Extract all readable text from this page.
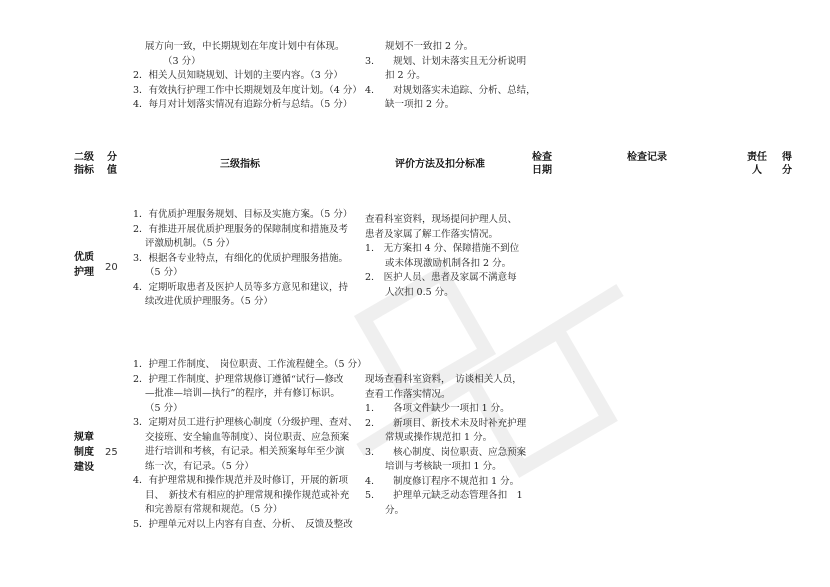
展方向一致，中长期规划在年度计划中有体现。
（3 分）
2．相关人员知晓规划、计划的主要内容。（3 分）
3．有效执行护理工作中长期规划及年度计划。（4 分）
4．每月对计划落实情况有追踪分析与总结。（5 分）
规划不一致扣 2 分。
3.　　规划、计划未落实且无分析说明
扣 2 分。
4.　　对规划落实未追踪、分析、总结，
缺一项扣 2 分。
二级
指标
分
值
三级指标	评价方法及扣分标准
检查
日期
检查记录	责任
人
得
分
优质
护理 20
1．有优质护理服务规划、目标及实施方案。（5 分）
2．有推进开展优质护理服务的保障制度和措施及考
评激励机制。（5 分）
3．根据各专业特点，有细化的优质护理服务措施。
（5 分）
4．定期听取患者及医护人员等多方意见和建议，持
续改进优质护理服务。（5 分）
查看科室资料，现场提问护理人员、
患者及家属了解工作落实情况。
1.　无方案扣 4 分、保障措施不到位
或未体现激励机制各扣 2 分。
2.　医护人员、患者及家属不满意每
人次扣 0.5 分。
规章
制度
建设
25
1．护理工作制度、　岗位职责、工作流程健全。（5 分）
2．护理工作制度、护理常规修订遵循“试行—修改
—批准—培训—执行”的程序，并有修订标识。
（5 分）
3．定期对员工进行护理核心制度（分级护理、查对、
交接班、安全输血等制度）、岗位职责、应急预案
进行培训和考核，有记录。相关预案每年至少演
练一次，有记录。（5 分）
4．有护理常规和操作规范并及时修订，开展的新项
目、　新技术有相应的护理常规和操作规范或补充
和完善原有常规和规范。（5 分）
5．护理单元对以上内容有自查、分析、　反馈及整改
现场查看科室资料，　访谈相关人员，
查看工作落实情况。
1.　　各项文件缺少一项扣 1 分。
2.　　新项目、新技术未及时补充护理
常规或操作规范扣 1 分。
3.　　核心制度、岗位职责、应急预案
培训与考核缺一项扣 1 分。
4.　　制度修订程序不规范扣 1 分。
5.　　护理单元缺乏动态管理各扣　1
分。
